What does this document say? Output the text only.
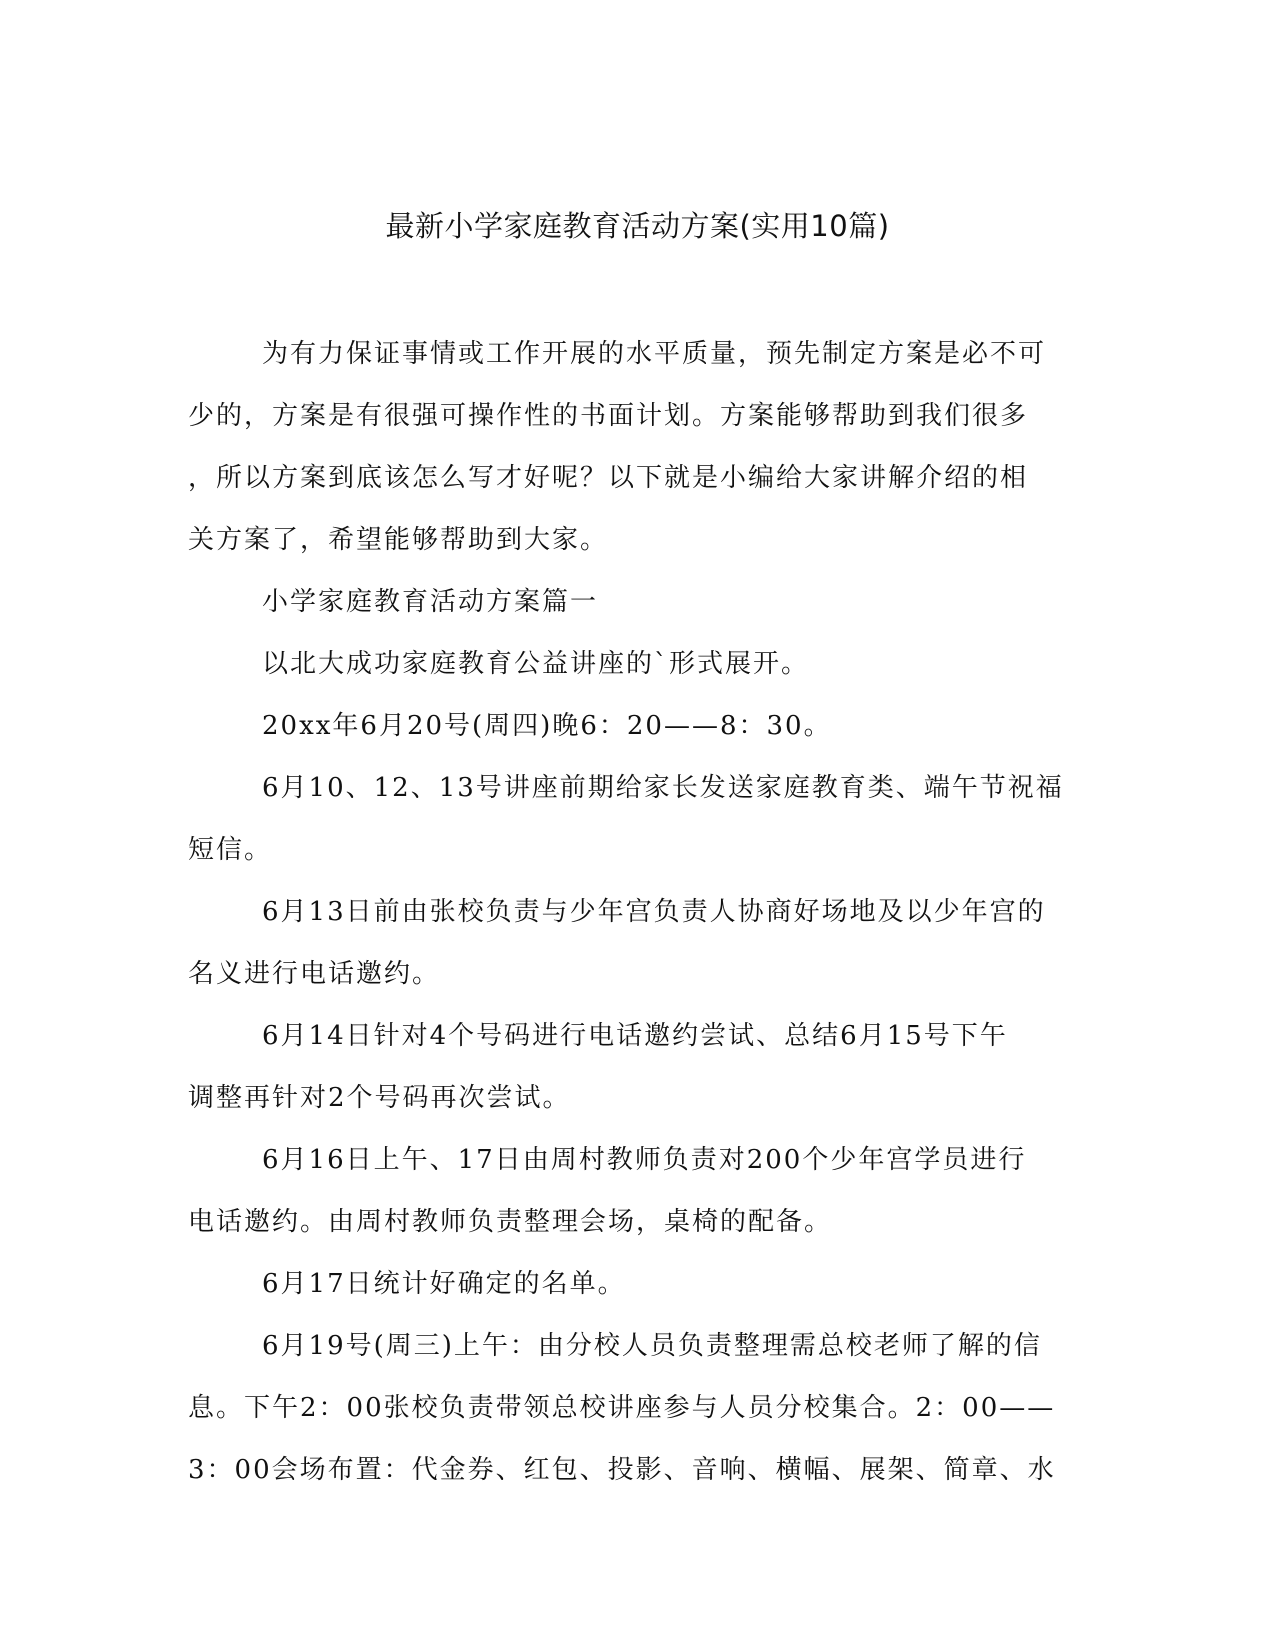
最新小学家庭教育活动方案(实用10篇)

为有力保证事情或工作开展的水平质量，预先制定方案是必不可

少的，方案是有很强可操作性的书面计划。方案能够帮助到我们很多

，所以方案到底该怎么写才好呢？以下就是小编给大家讲解介绍的相

关方案了，希望能够帮助到大家。

小学家庭教育活动方案篇一

以北大成功家庭教育公益讲座的`形式展开。

20xx年6月20号(周四)晚6：20——8：30。

6月10、12、13号讲座前期给家长发送家庭教育类、端午节祝福

短信。

6月13日前由张校负责与少年宫负责人协商好场地及以少年宫的

名义进行电话邀约。

6月14日针对4个号码进行电话邀约尝试、总结6月15号下午

调整再针对2个号码再次尝试。

6月16日上午、17日由周村教师负责对200个少年宫学员进行

电话邀约。由周村教师负责整理会场，桌椅的配备。

6月17日统计好确定的名单。

6月19号(周三)上午：由分校人员负责整理需总校老师了解的信

息。下午2：00张校负责带领总校讲座参与人员分校集合。2：00——

3：00会场布置：代金券、红包、投影、音响、横幅、展架、简章、水
